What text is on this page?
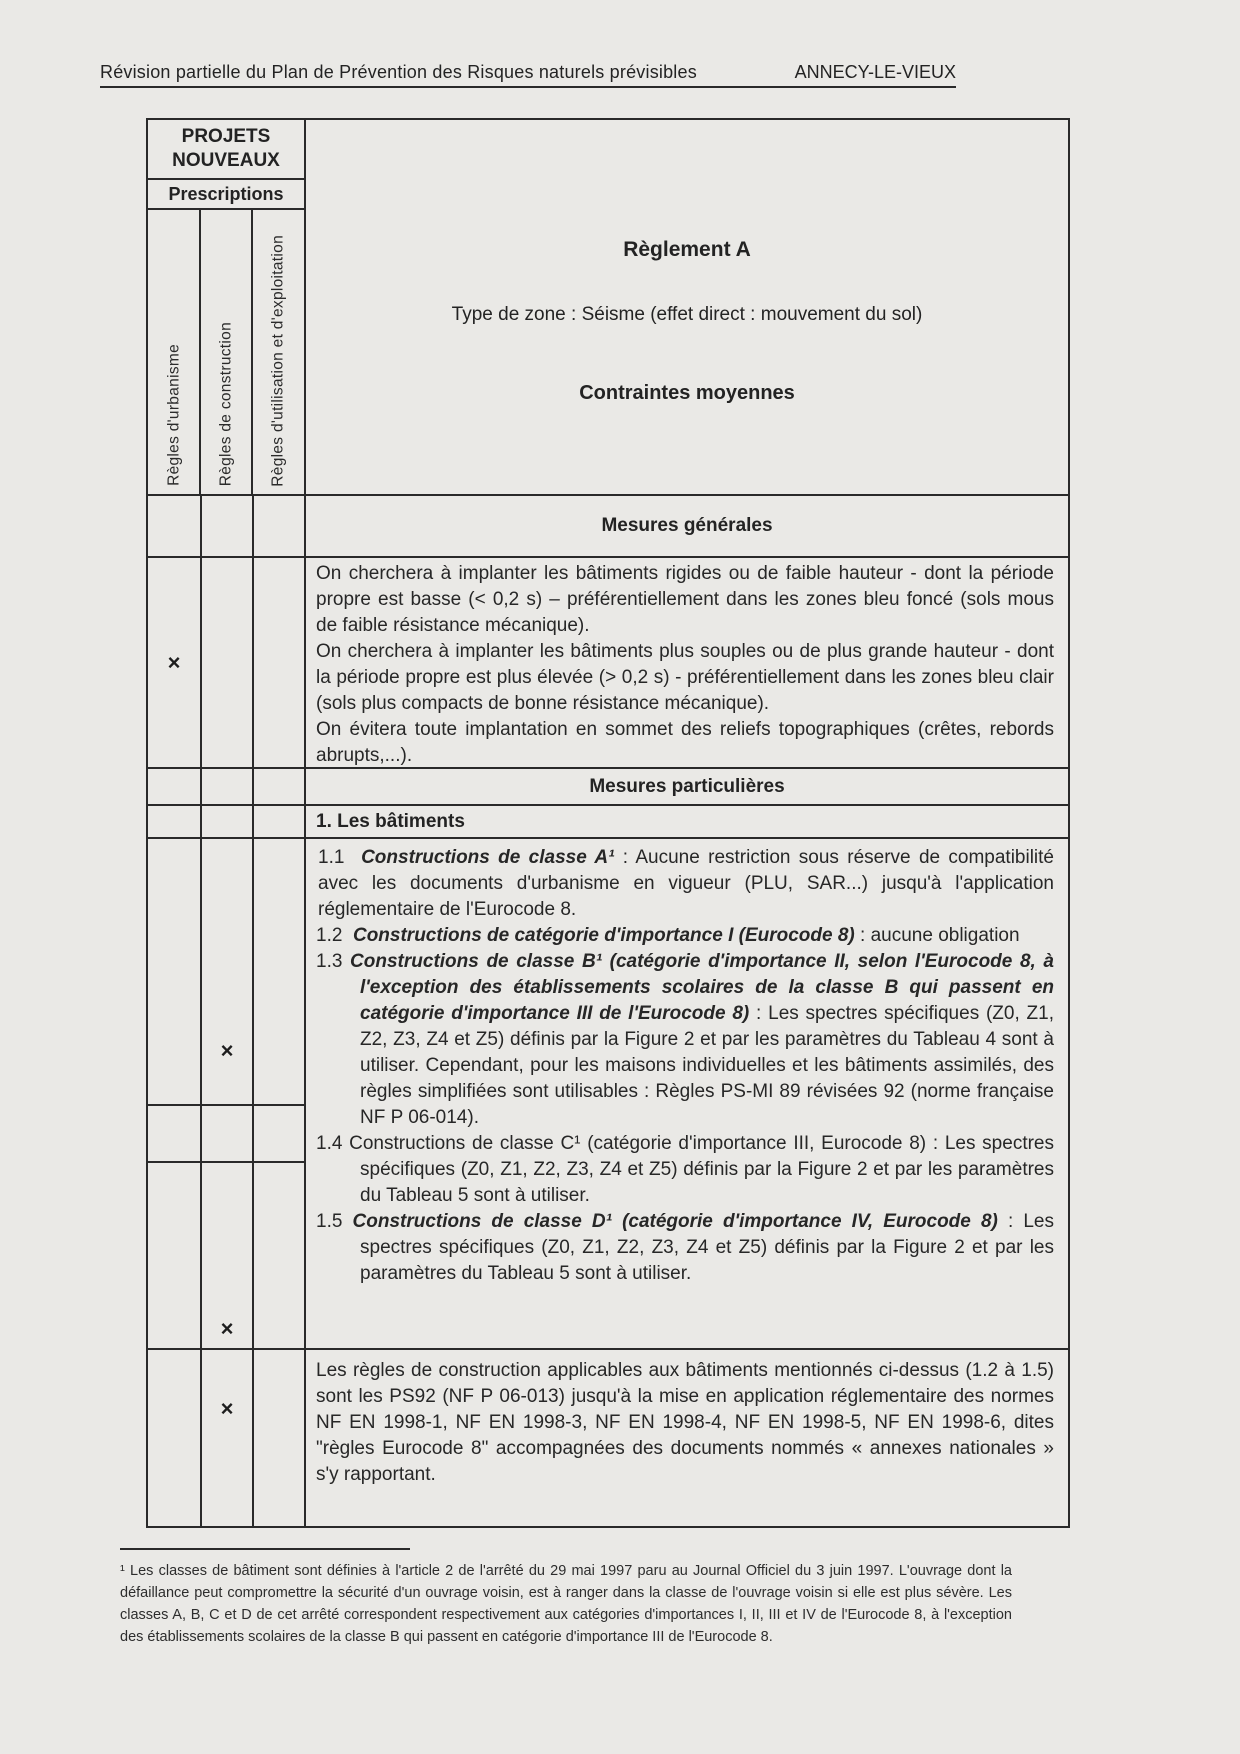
Révision partielle du Plan de Prévention des Risques naturels prévisibles	ANNECY-LE-VIEUX
PROJETS NOUVEAUX
Prescriptions
Règles d'urbanisme Règles de construction Règles d'utilisation et d'exploitation	Règlement A
Type de zone : Séisme (effet direct : mouvement du sol)
Contraintes moyennes
Mesures générales
×

On cherchera à implanter les bâtiments rigides ou de faible hauteur - dont la période propre est basse (< 0,2 s) – préférentiellement dans les zones bleu foncé (sols mous de faible résistance mécanique).

On cherchera à implanter les bâtiments plus souples ou de plus grande hauteur - dont la période propre est plus élevée (> 0,2 s) - préférentiellement dans les zones bleu clair (sols plus compacts de bonne résistance mécanique).

On évitera toute implantation en sommet des reliefs topographiques (crêtes, rebords abrupts,...).

Mesures particulières
1. Les bâtiments
×
×

1.1 Constructions de classe A¹ : Aucune restriction sous réserve de compatibilité avec les documents d'urbanisme en vigueur (PLU, SAR...) jusqu'à l'application réglementaire de l'Eurocode 8.

1.2 Constructions de catégorie d'importance I (Eurocode 8) : aucune obligation

1.3 Constructions de classe B¹ (catégorie d'importance II, selon l'Eurocode 8, à l'exception des établissements scolaires de la classe B qui passent en catégorie d'importance III de l'Eurocode 8) : Les spectres spécifiques (Z0, Z1, Z2, Z3, Z4 et Z5) définis par la Figure 2 et par les paramètres du Tableau 4 sont à utiliser. Cependant, pour les maisons individuelles et les bâtiments assimilés, des règles simplifiées sont utilisables : Règles PS-MI 89 révisées 92 (norme française NF P 06-014).

1.4 Constructions de classe C¹ (catégorie d'importance III, Eurocode 8) : Les spectres spécifiques (Z0, Z1, Z2, Z3, Z4 et Z5) définis par la Figure 2 et par les paramètres du Tableau 5 sont à utiliser.

1.5 Constructions de classe D¹ (catégorie d'importance IV, Eurocode 8) : Les spectres spécifiques (Z0, Z1, Z2, Z3, Z4 et Z5) définis par la Figure 2 et par les paramètres du Tableau 5 sont à utiliser.

×

Les règles de construction applicables aux bâtiments mentionnés ci-dessus (1.2 à 1.5) sont les PS92 (NF P 06-013) jusqu'à la mise en application réglementaire des normes NF EN 1998-1, NF EN 1998-3, NF EN 1998-4, NF EN 1998-5, NF EN 1998-6, dites "règles Eurocode 8" accompagnées des documents nommés « annexes nationales » s'y rapportant.

¹ Les classes de bâtiment sont définies à l'article 2 de l'arrêté du 29 mai 1997 paru au Journal Officiel du 3 juin 1997. L'ouvrage dont la défaillance peut compromettre la sécurité d'un ouvrage voisin, est à ranger dans la classe de l'ouvrage voisin si elle est plus sévère. Les classes A, B, C et D de cet arrêté correspondent respectivement aux catégories d'importances I, II, III et IV de l'Eurocode 8, à l'exception des établissements scolaires de la classe B qui passent en catégorie d'importance III de l'Eurocode 8.
